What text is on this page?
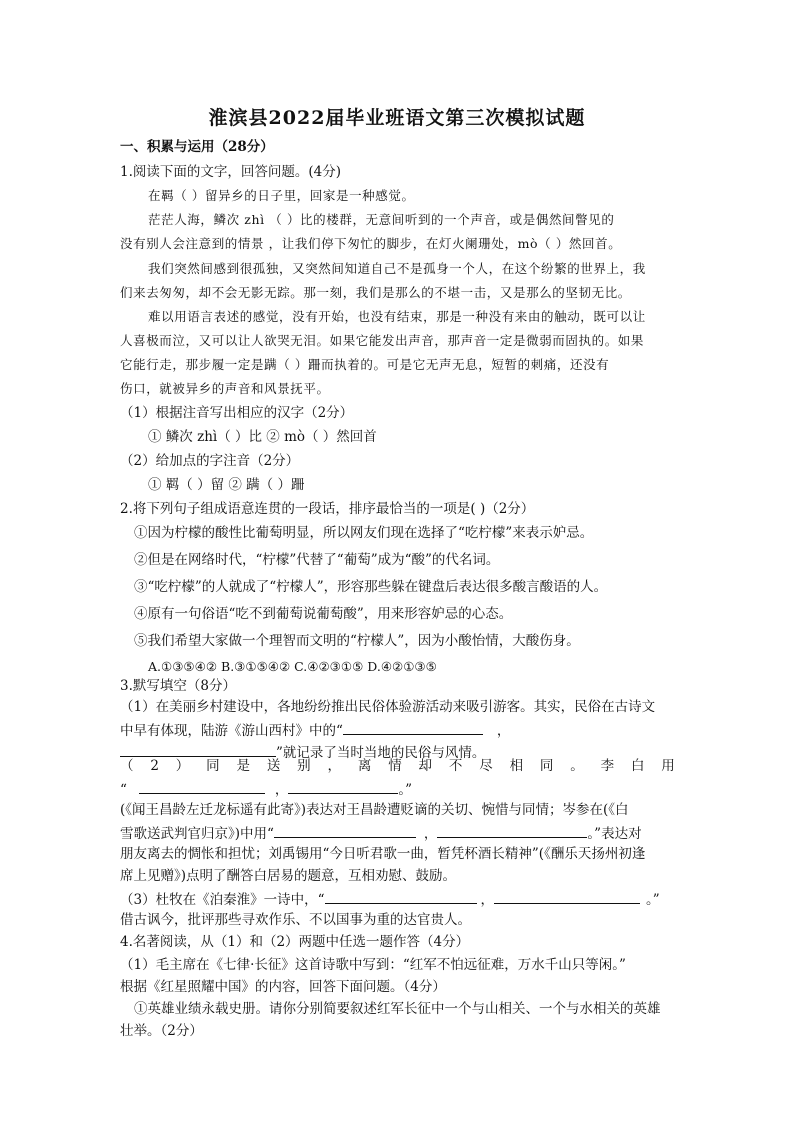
淮滨县2022届毕业班语文第三次模拟试题
一、积累与运用（28分）
1.阅读下面的文字，回答问题。(4分)
在羁（ ）留异乡的日子里，回家是一种感觉。
茫茫人海，鳞次 zhì （ ）比的楼群，无意间听到的一个声音，或是偶然间瞥见的
没有别人会注意到的情景 ，让我们停下匆忙的脚步，在灯火阑珊处，mò（ ）然回首。
我们突然间感到很孤独，又突然间知道自己不是孤身一个人，在这个纷繁的世界上，我
们来去匆匆，却不会无影无踪。那一刻，我们是那么的不堪一击，又是那么的坚韧无比。
难以用语言表述的感觉，没有开始，也没有结束，那是一种没有来由的触动，既可以让
人喜极而泣，又可以让人欲哭无泪。如果它能发出声音，那声音一定是微弱而固执的。如果
它能行走，那步履一定是蹒（ ）跚而执着的。可是它无声无息，短暂的刺痛，还没有
伤口，就被异乡的声音和风景抚平。
（1）根据注音写出相应的汉字（2分）
① 鳞次 zhì（ ）比 ② mò（ ）然回首
（2）给加点的字注音（2分）
① 羁（ ）留 ② 蹒（ ）跚
2.将下列句子组成语意连贯的一段话，排序最恰当的一项是( )（2分）
①因为柠檬的酸性比葡萄明显，所以网友们现在选择了“吃柠檬”来表示妒忌。
②但是在网络时代，“柠檬”代替了“葡萄”成为“酸”的代名词。
③“吃柠檬”的人就成了“柠檬人”，形容那些躲在键盘后表达很多酸言酸语的人。
④原有一句俗语“吃不到葡萄说葡萄酸”，用来形容妒忌的心态。
⑤我们希望大家做一个理智而文明的“柠檬人”，因为小酸怡情，大酸伤身。
A.①③⑤④② B.③①⑤④② C.④②③①⑤ D.④②①③⑤
3.默写填空（8分）
（1）在美丽乡村建设中，各地纷纷推出民俗体验游活动来吸引游客。其实，民俗在古诗文
中早有体现，陆游《游山西村》中的“	，
”就记录了当时当地的民俗与风情。
（ 2 ） 同 是 送 别 ， 离 情 却 不 尽 相 同 。 李 白 用
“	，	。”
(《闻王昌龄左迁龙标遥有此寄》)表达对王昌龄遭贬谪的关切、惋惜与同情；岑参在(《白
雪歌送武判官归京》)中用“	，	。”表达对
朋友离去的惆怅和担忧；刘禹锡用“今日听君歌一曲，暂凭杯酒长精神”(《酬乐天扬州初逢
席上见赠》)点明了酬答白居易的题意，互相劝慰、鼓励。
（3）杜牧在《泊秦淮》一诗中，“	，	。”
借古讽今，批评那些寻欢作乐、不以国事为重的达官贵人。
4.名著阅读，从（1）和（2）两题中任选一题作答（4分）
（1）毛主席在《七律·长征》这首诗歌中写到：“红军不怕远征难，万水千山只等闲。”
根据《红星照耀中国》的内容，回答下面问题。（4分）
①英雄业绩永载史册。请你分别简要叙述红军长征中一个与山相关、一个与水相关的英雄
壮举。（2分）
